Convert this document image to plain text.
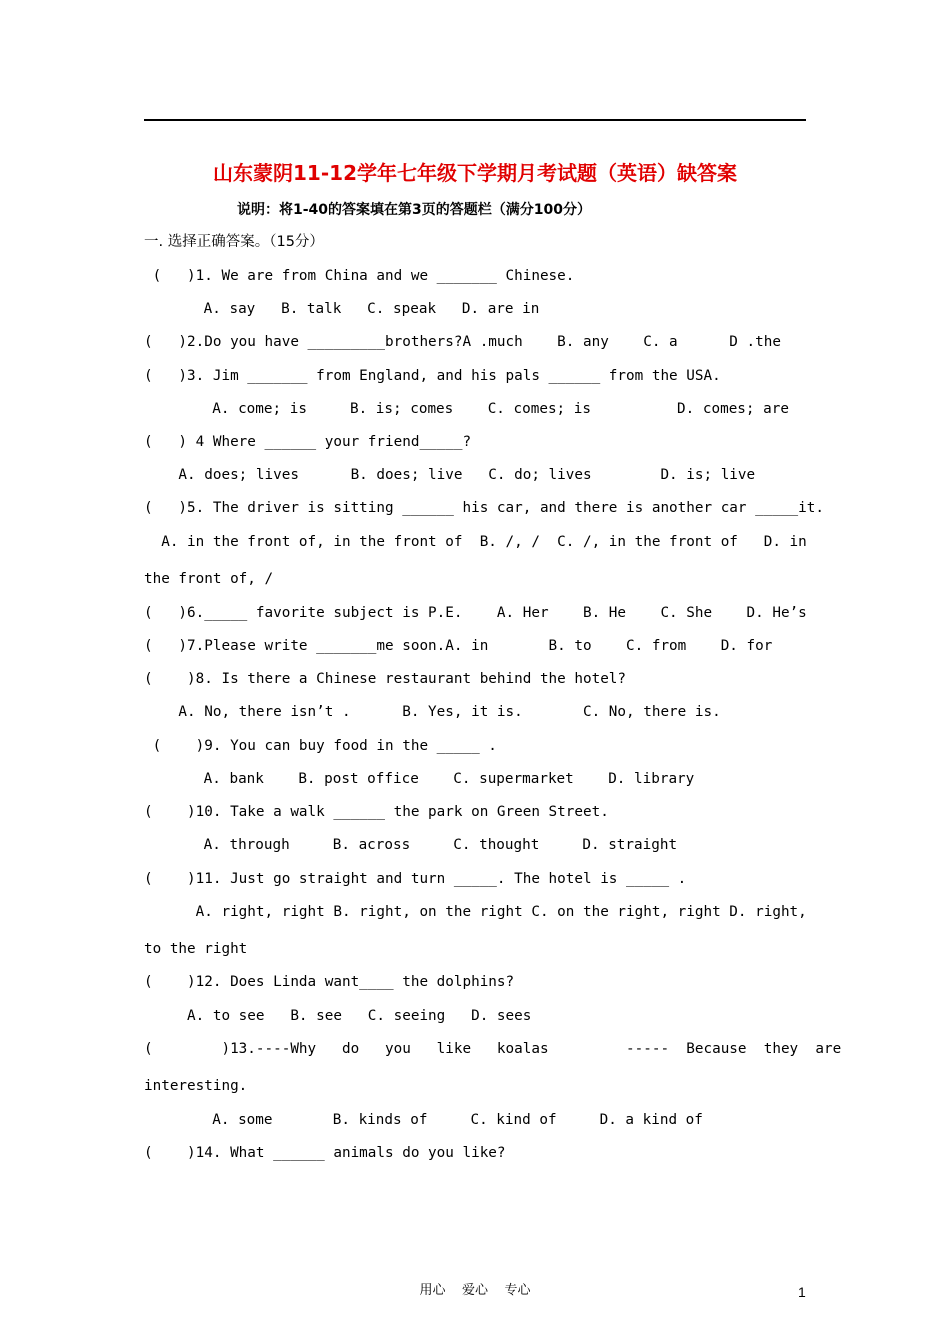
山东蒙阴11-12学年七年级下学期月考试题（英语）缺答案
说明：将1-40的答案填在第3页的答题栏（满分100分）
一. 选择正确答案。（15分）
(   )1. We are from China and we _______ Chinese.
A. say   B. talk   C. speak   D. are in
(   )2.Do you have _________brothers?A .much    B. any    C. a      D .the
(   )3. Jim _______ from England, and his pals ______ from the USA.
A. come; is     B. is; comes    C. comes; is          D. comes; are
(   ) 4 Where ______ your friend_____?
A. does; lives      B. does; live   C. do; lives        D. is; live
(   )5. The driver is sitting ______ his car, and there is another car _____it.
A. in the front of, in the front of  B. /, /  C. /, in the front of   D. in
the front of, /
(   )6._____ favorite subject is P.E.    A. Her    B. He    C. She    D. He’s
(   )7.Please write _______me soon.A. in       B. to    C. from    D. for
(    )8. Is there a Chinese restaurant behind the hotel?
A. No, there isn’t .      B. Yes, it is.       C. No, there is.
(    )9. You can buy food in the _____ .
A. bank    B. post office    C. supermarket    D. library
(    )10. Take a walk ______ the park on Green Street.
A. through     B. across     C. thought     D. straight
(    )11. Just go straight and turn _____. The hotel is _____ .
A. right, right B. right, on the right C. on the right, right D. right,
to the right
(    )12. Does Linda want____ the dolphins?
A. to see   B. see   C. seeing   D. sees
(        )13.----Why   do   you   like   koalas         -----  Because  they  are
interesting.
A. some       B. kinds of     C. kind of     D. a kind of
(    )14. What ______ animals do you like?
用心    爱心    专心	1
